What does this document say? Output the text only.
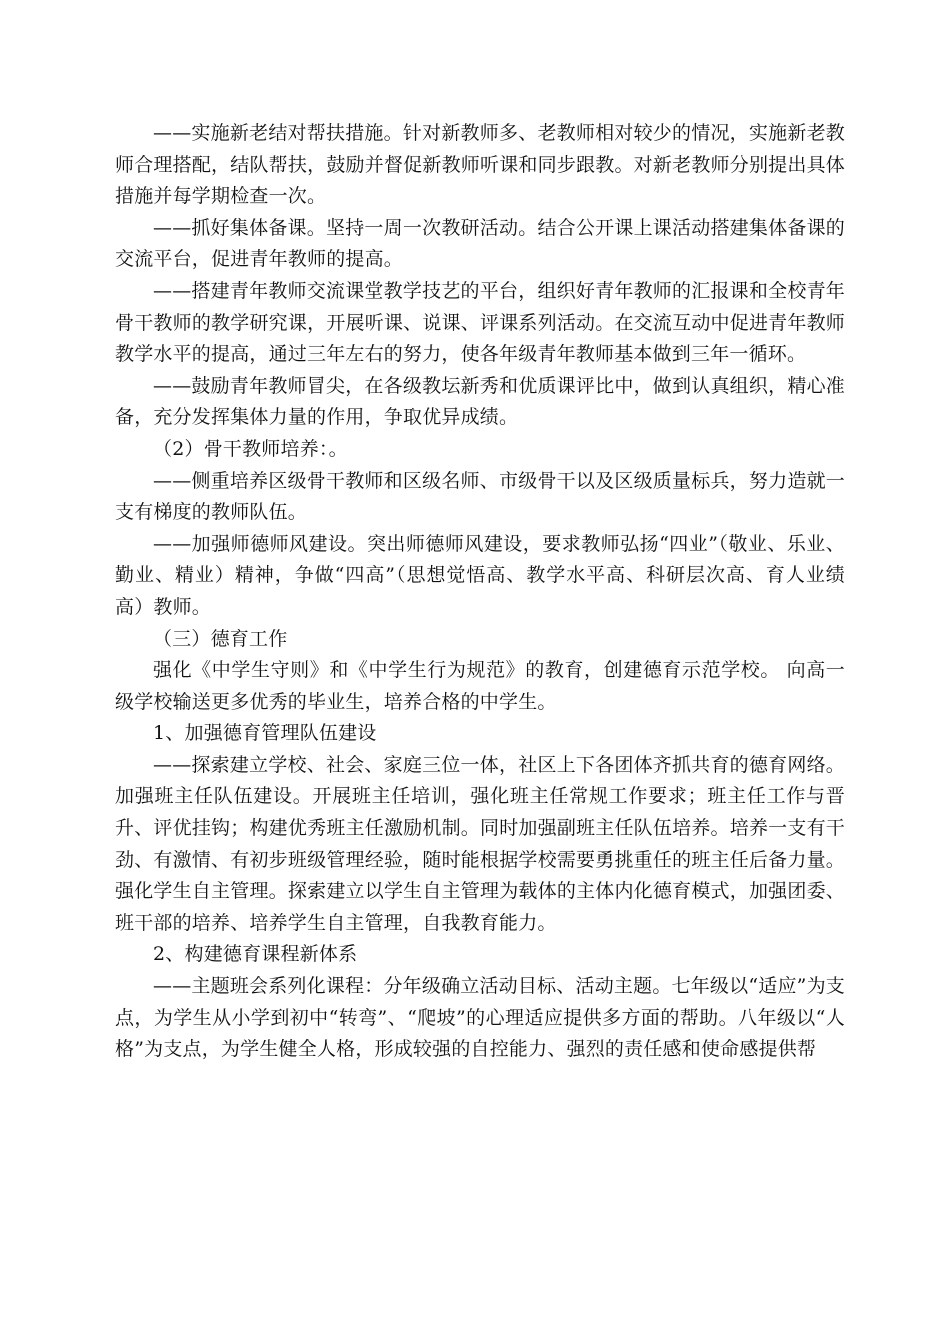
——实施新老结对帮扶措施。针对新教师多、老教师相对较少的情况，实施新老教师合理搭配，结队帮扶，鼓励并督促新教师听课和同步跟教。对新老教师分别提出具体措施并每学期检查一次。

——抓好集体备课。坚持一周一次教研活动。结合公开课上课活动搭建集体备课的交流平台，促进青年教师的提高。

——搭建青年教师交流课堂教学技艺的平台，组织好青年教师的汇报课和全校青年骨干教师的教学研究课，开展听课、说课、评课系列活动。在交流互动中促进青年教师教学水平的提高，通过三年左右的努力，使各年级青年教师基本做到三年一循环。

——鼓励青年教师冒尖，在各级教坛新秀和优质课评比中，做到认真组织，精心准备，充分发挥集体力量的作用，争取优异成绩。

（2）骨干教师培养：。

——侧重培养区级骨干教师和区级名师、市级骨干以及区级质量标兵，努力造就一支有梯度的教师队伍。

——加强师德师风建设。突出师德师风建设，要求教师弘扬“四业”（敬业、乐业、勤业、精业）精神，争做“四高”（思想觉悟高、教学水平高、科研层次高、育人业绩高）教师。

（三）德育工作

强化《中学生守则》和《中学生行为规范》的教育，创建德育示范学校。 向高一级学校输送更多优秀的毕业生，培养合格的中学生。

1、加强德育管理队伍建设

——探索建立学校、社会、家庭三位一体，社区上下各团体齐抓共育的德育网络。加强班主任队伍建设。开展班主任培训，强化班主任常规工作要求；班主任工作与晋升、评优挂钩；构建优秀班主任激励机制。同时加强副班主任队伍培养。培养一支有干劲、有激情、有初步班级管理经验，随时能根据学校需要勇挑重任的班主任后备力量。强化学生自主管理。探索建立以学生自主管理为载体的主体内化德育模式，加强团委、班干部的培养、培养学生自主管理，自我教育能力。

2、构建德育课程新体系

——主题班会系列化课程：分年级确立活动目标、活动主题。七年级以“适应”为支点，为学生从小学到初中“转弯”、“爬坡”的心理适应提供多方面的帮助。八年级以“人格”为支点，为学生健全人格，形成较强的自控能力、强烈的责任感和使命感提供帮
